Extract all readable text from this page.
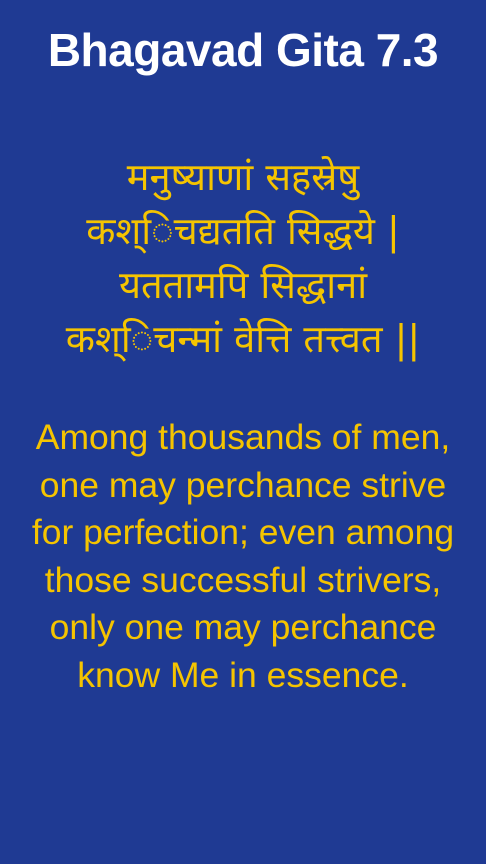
Bhagavad Gita 7.3
मनुष्याणां सहस्रेषु
कश्िचद्यतति सिद्धये |
यततामपि सिद्धानां
कश्िचन्मां वेत्ति तत्त्वत ||
Among thousands of men,
one may perchance strive
for perfection; even among
those successful strivers,
only one may perchance
know Me in essence.
